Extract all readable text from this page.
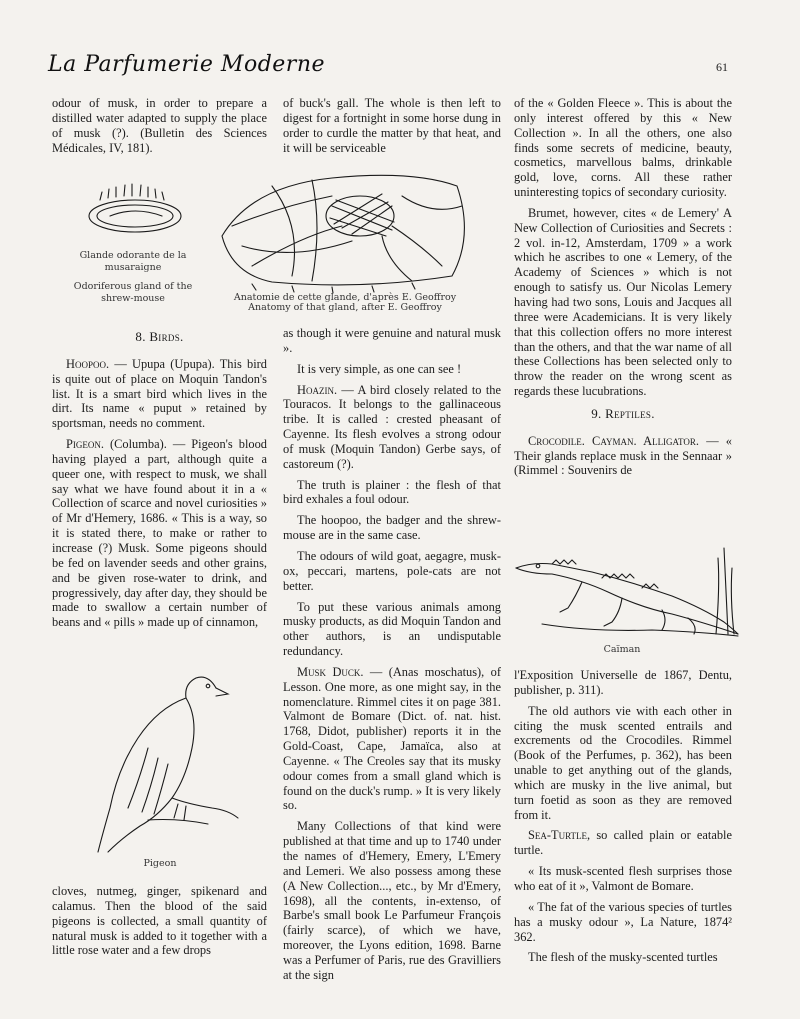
La Parfumerie Moderne	61

odour of musk, in order to prepare a distilled water adapted to supply the place of musk (?). (Bulletin des Sciences Médicales, IV, 181).

Glande odorante de la musaraigne
Odoriferous gland of the shrew-mouse	Anatomie de cette glande, d'après E. Geoffroy
Anatomy of that gland, after E. Geoffroy
8. Birds.

Hoopoo. — Upupa (Upupa). This bird is quite out of place on Moquin Tandon's list. It is a smart bird which lives in the dirt. Its name « puput » retained by sportsman, needs no comment.

Pigeon. (Columba). — Pigeon's blood having played a part, although quite a queer one, with respect to musk, we shall say what we have found about it in a « Collection of scarce and novel curiosities » of Mr d'Hemery, 1686. « This is a way, so it is stated there, to make or rather to increase (?) Musk. Some pigeons should be fed on lavender seeds and other grains, and be given rose-water to drink, and progressively, day after day, they should be made to swallow a certain number of beans and « pills » made up of cinnamon,

Pigeon

cloves, nutmeg, ginger, spikenard and calamus. Then the blood of the said pigeons is collected, a small quantity of natural musk is added to it together with a little rose water and a few drops

of buck's gall. The whole is then left to digest for a fortnight in some horse dung in order to curdle the matter by that heat, and it will be serviceable

as though it were genuine and natural musk ».

It is very simple, as one can see !

Hoazin. — A bird closely related to the Touracos. It belongs to the gallinaceous tribe. It is called : crested pheasant of Cayenne. Its flesh evolves a strong odour of musk (Moquin Tandon) Gerbe says, of castoreum (?).

The truth is plainer : the flesh of that bird exhales a foul odour.

The hoopoo, the badger and the shrew-mouse are in the same case.

The odours of wild goat, aegagre, musk-ox, peccari, martens, pole-cats are not better.

To put these various animals among musky products, as did Moquin Tandon and other authors, is an undisputable redundancy.

Musk Duck. — (Anas moschatus), of Lesson. One more, as one might say, in the nomenclature. Rimmel cites it on page 381. Valmont de Bomare (Dict. of. nat. hist. 1768, Didot, publisher) reports it in the Gold-Coast, Cape, Jamaïca, also at Cayenne. « The Creoles say that its musky odour comes from a small gland which is found on the duck's rump. » It is very likely so.

Many Collections of that kind were published at that time and up to 1740 under the names of d'Hemery, Emery, L'Emery and Lemeri. We also possess among these (A New Collection..., etc., by Mr d'Emery, 1698), all the contents, in-extenso, of Barbe's small book Le Parfumeur François (fairly scarce), of which we have, moreover, the Lyons edition, 1698. Barne was a Perfumer of Paris, rue des Gravilliers at the sign

of the « Golden Fleece ». This is about the only interest offered by this « New Collection ». In all the others, one also finds some secrets of medicine, beauty, cosmetics, marvellous balms, drinkable gold, love, corns. All these rather uninteresting topics of secondary curiosity.

Brumet, however, cites « de Lemery' A New Collection of Curiosities and Secrets : 2 vol. in-12, Amsterdam, 1709 » a work which he ascribes to one « Lemery, of the Academy of Sciences » which is not enough to satisfy us. Our Nicolas Lemery having had two sons, Louis and Jacques all three were Academicians. It is very likely that this collection offers no more interest than the others, and that the war name of all these Collections has been selected only to throw the reader on the wrong scent as regards these lucubrations.

9. Reptiles.

Crocodile. Cayman. Alligator. — « Their glands replace musk in the Sennaar » (Rimmel : Souvenirs de

Caïman

l'Exposition Universelle de 1867, Dentu, publisher, p. 311).

The old authors vie with each other in citing the musk scented entrails and excrements od the Crocodiles. Rimmel (Book of the Perfumes, p. 362), has been unable to get anything out of the glands, which are musky in the live animal, but turn foetid as soon as they are removed from it.

Sea-Turtle, so called plain or eatable turtle.

« Its musk-scented flesh surprises those who eat of it », Valmont de Bomare.

« The fat of the various species of turtles has a musky odour », La Nature, 1874² 362.

The flesh of the musky-scented turtles
